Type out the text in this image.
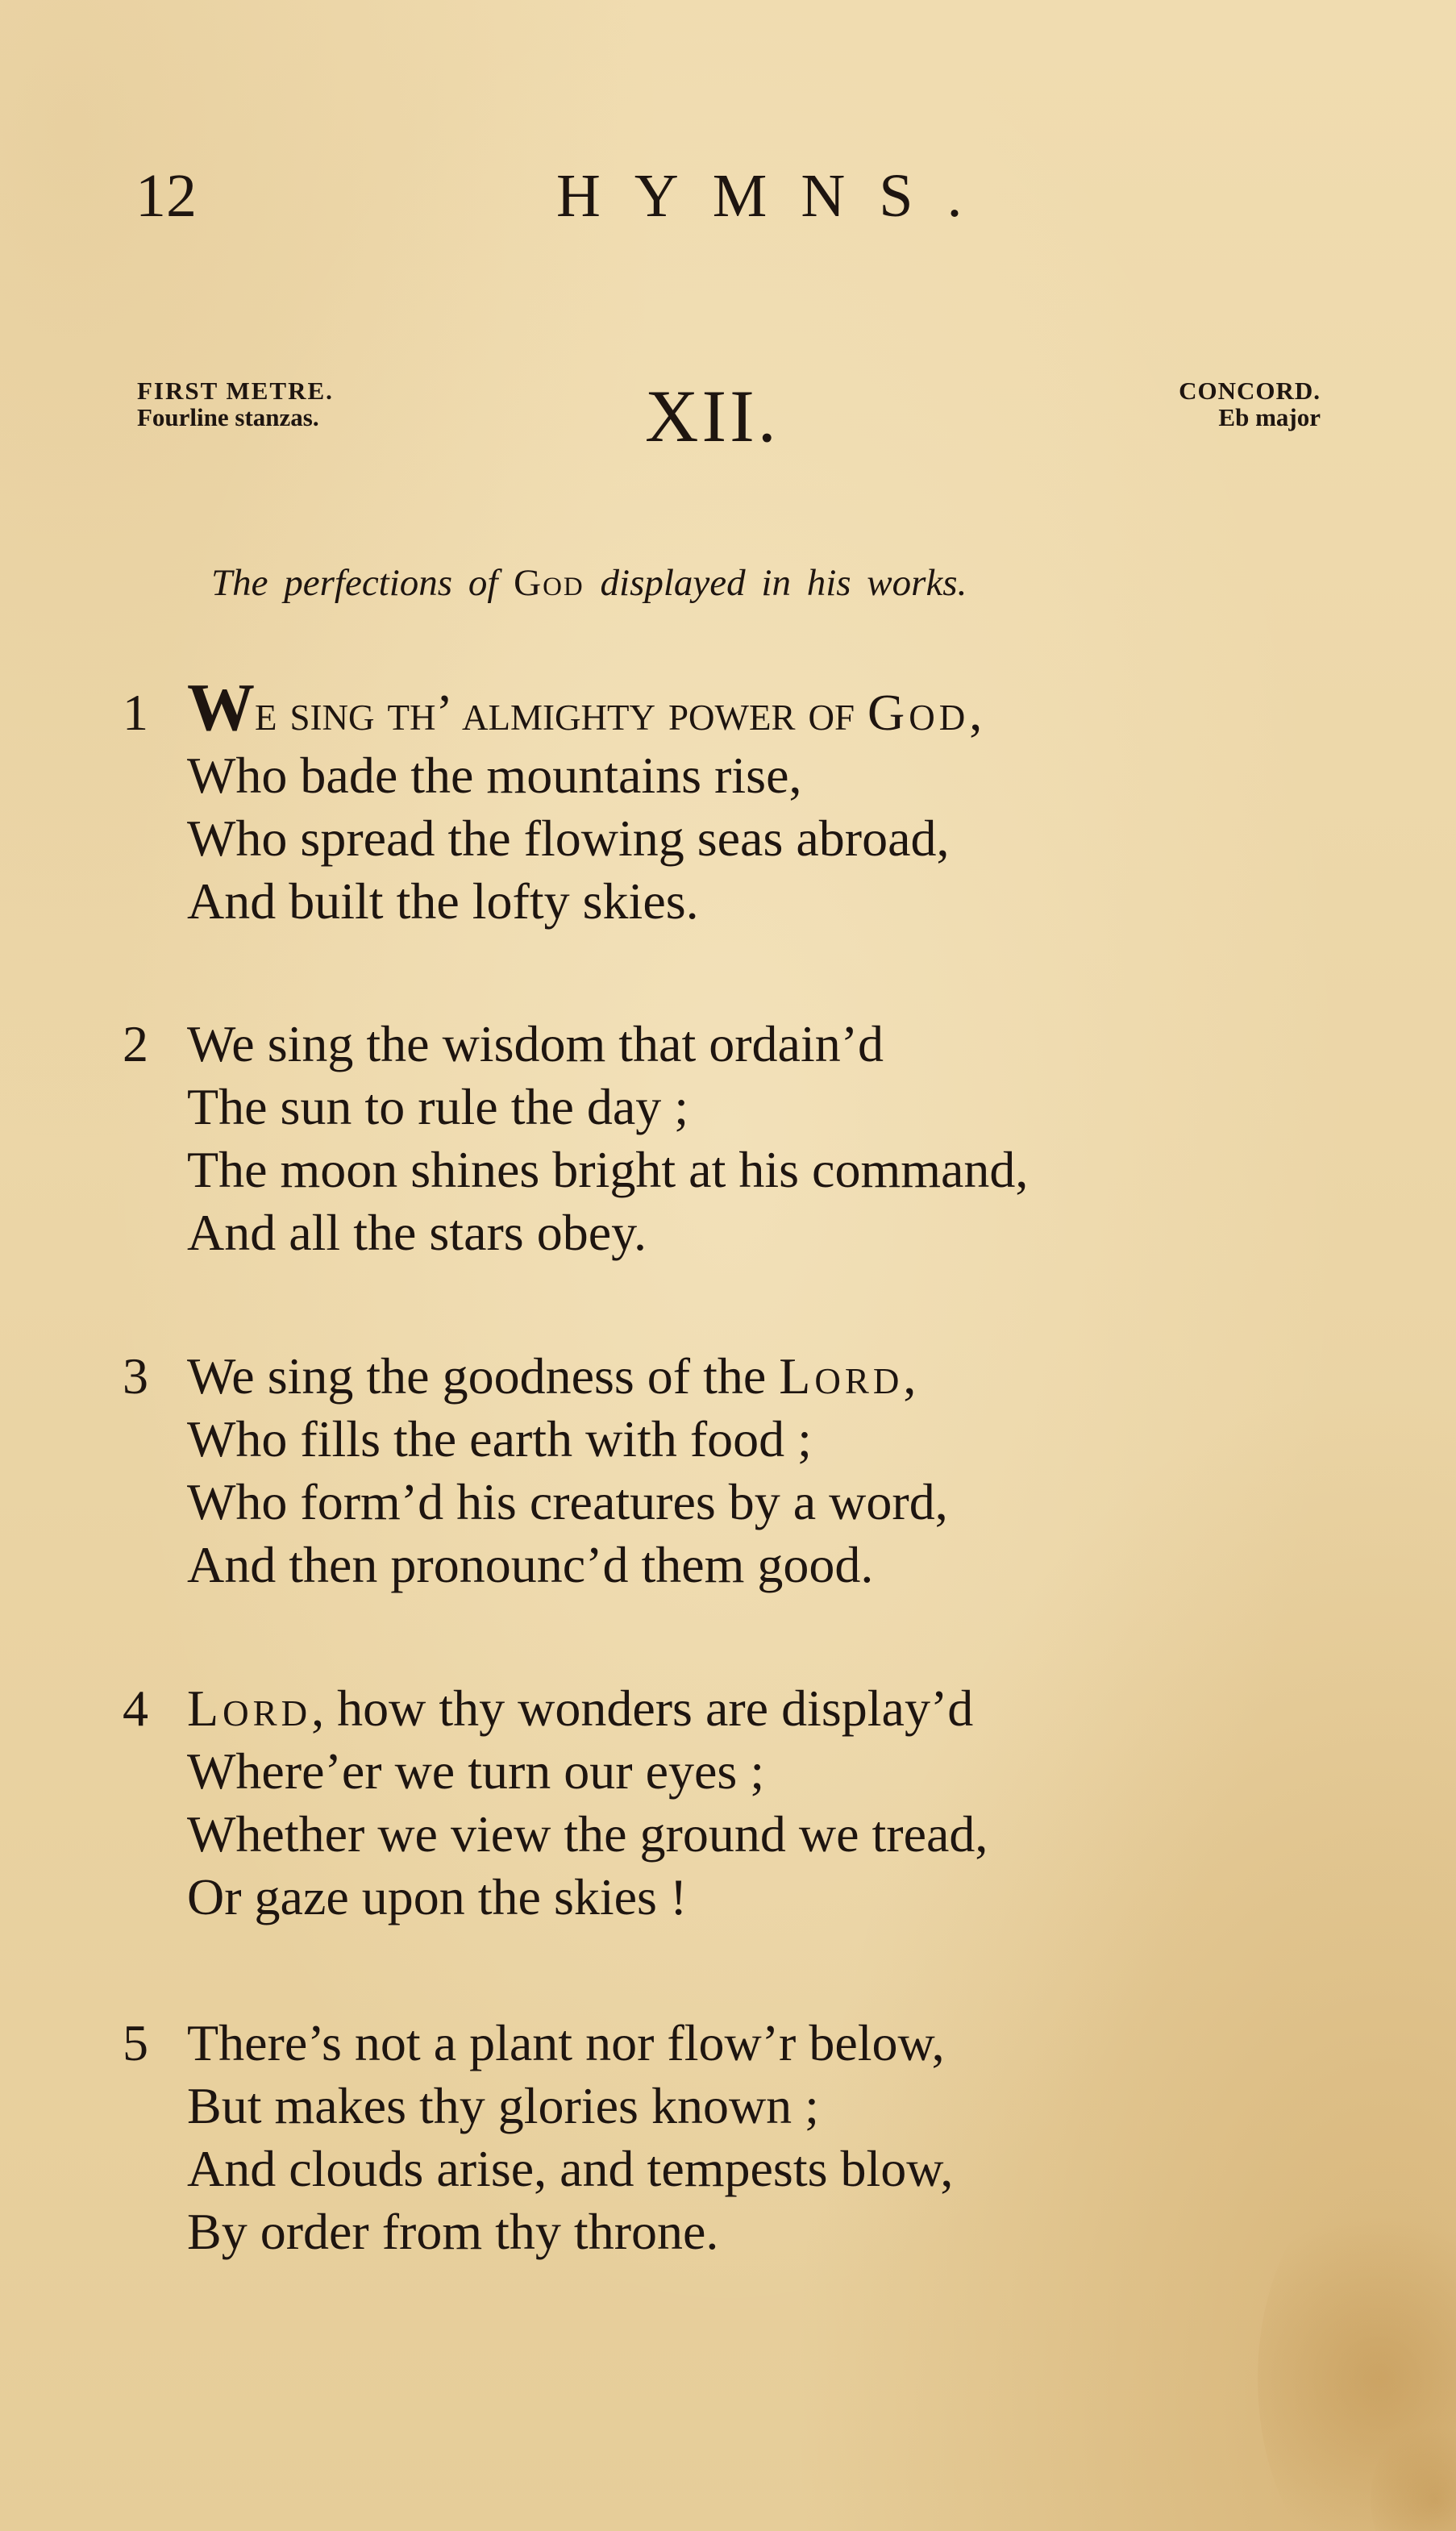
12	HYMNS.
FIRST METRE.
Fourline stanzas.	XII.	CONCORD.
Eb major
The perfections of God displayed in his works.
1 We sing th’ almighty power of God,
Who bade the mountains rise,
Who spread the flowing seas abroad,
And built the lofty skies.
2 We sing the wisdom that ordain’d
The sun to rule the day ;
The moon shines bright at his command,
And all the stars obey.
3 We sing the goodness of the Lord,
Who fills the earth with food ;
Who form’d his creatures by a word,
And then pronounc’d them good.
4 Lord, how thy wonders are display’d
Where’er we turn our eyes ;
Whether we view the ground we tread,
Or gaze upon the skies !
5 There’s not a plant nor flow’r below,
But makes thy glories known ;
And clouds arise, and tempests blow,
By order from thy throne.
